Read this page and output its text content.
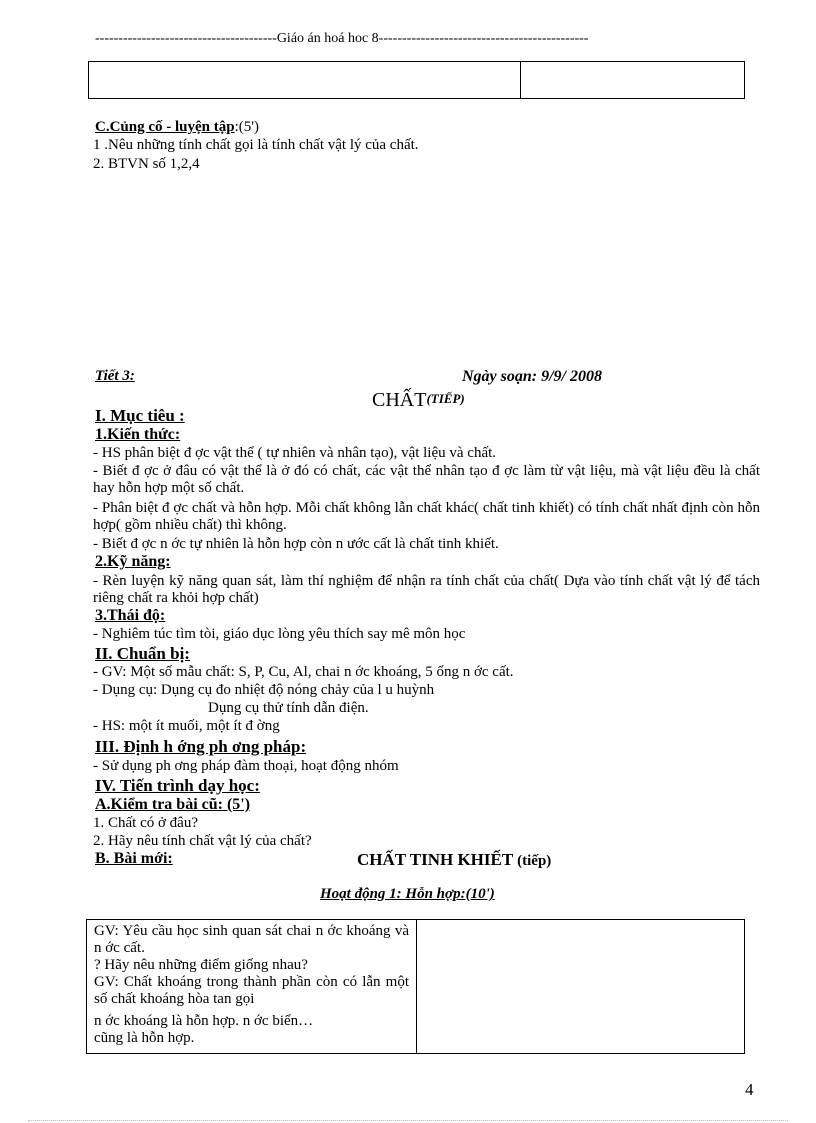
---------------------------------------Giáo án hoá hoc 8---------------------------------------------
C.Củng cố - luyện tập:(5')
1 .Nêu những tính chất gọi là tính chất vật lý của chất.
2. BTVN số 1,2,4
Tiết 3:	Ngày soạn: 9/9/ 2008
CHẤT(TIẾP)
I. Mục tiêu :
1.Kiến thức:
- HS phân biệt đ ợc vật thể ( tự nhiên và nhân tạo), vật liệu và chất.
- Biết đ ợc ở đâu có vật thể là ở đó có chất, các vật thể nhân tạo đ ợc làm từ vật liệu, mà vật liệu đều là chất hay hỗn hợp một số chất.
- Phân biệt đ ợc chất và hỗn hợp. Mỗi chất không lẫn chất khác( chất tinh khiết) có tính chất nhất định còn hỗn hợp( gồm nhiều chất) thì không.
- Biết đ ợc n ớc tự nhiên là hỗn hợp còn n ước cất là chất tinh khiết.
2.Kỹ năng:
- Rèn luyện kỹ năng quan sát, làm thí nghiệm để nhận ra tính chất của chất( Dựa vào tính chất vật lý để tách riêng chất ra khỏi hợp chất)
3.Thái độ:
- Nghiêm túc tìm tòi, giáo dục lòng yêu thích say mê môn học
II. Chuẩn bị:
- GV: Một số mẫu chất: S, P, Cu, Al, chai n ớc khoáng, 5 ống n ớc cất.
- Dụng cụ: Dụng cụ đo nhiệt độ nóng chảy của l u huỳnh
Dụng cụ thử tính dẫn điện.
- HS: một ít muối, một ít đ ờng
III. Định h ớng ph ơng pháp:
- Sử dụng ph ơng pháp đàm thoại, hoạt động nhóm
IV. Tiến trình dạy học:
A.Kiểm tra bài cũ: (5')
1. Chất có ở đâu?
2. Hãy nêu tính chất vật lý của chất?
B. Bài mới:	CHẤT TINH KHIẾT (tiếp)
Hoạt động 1: Hỗn hợp:(10')
GV: Yêu cầu học sinh quan sát chai n ớc khoáng và n ớc cất.
? Hãy nêu những điểm giống nhau?
GV: Chất khoáng trong thành phần còn có lẫn một số chất khoáng hòa tan gọi
n ớc khoáng là hỗn hợp. n ớc biển…
cũng là hỗn hợp.
4
